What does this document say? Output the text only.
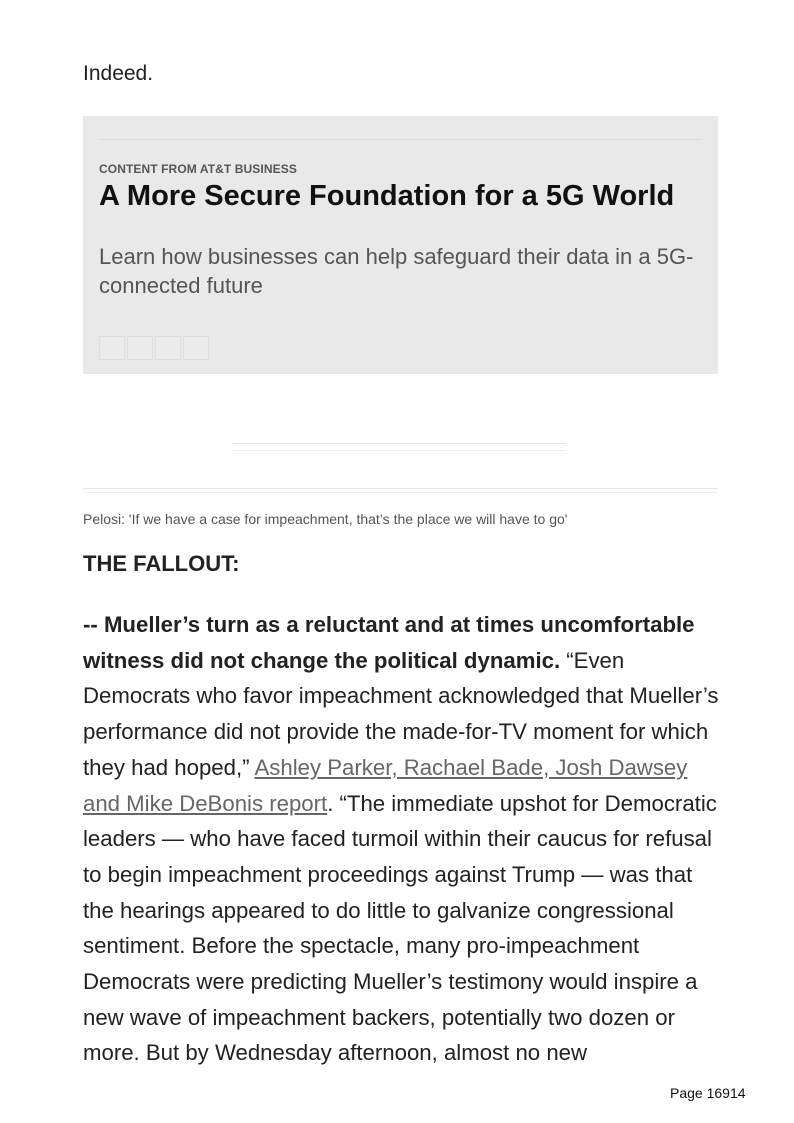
Indeed.

CONTENT FROM AT&T BUSINESS
A More Secure Foundation for a 5G World

Learn how businesses can help safeguard their data in a 5G-connected future

Pelosi: 'If we have a case for impeachment, that’s the place we will have to go'

THE FALLOUT:

-- Mueller’s turn as a reluctant and at times uncomfortable witness did not change the political dynamic. “Even Democrats who favor impeachment acknowledged that Mueller’s performance did not provide the made-for-TV moment for which they had hoped,” Ashley Parker, Rachael Bade, Josh Dawsey and Mike DeBonis report. “The immediate upshot for Democratic leaders — who have faced turmoil within their caucus for refusal to begin impeachment proceedings against Trump — was that the hearings appeared to do little to galvanize congressional sentiment. Before the spectacle, many pro-impeachment Democrats were predicting Mueller’s testimony would inspire a new wave of impeachment backers, potentially two dozen or more. But by Wednesday afternoon, almost no new

Page 16914
